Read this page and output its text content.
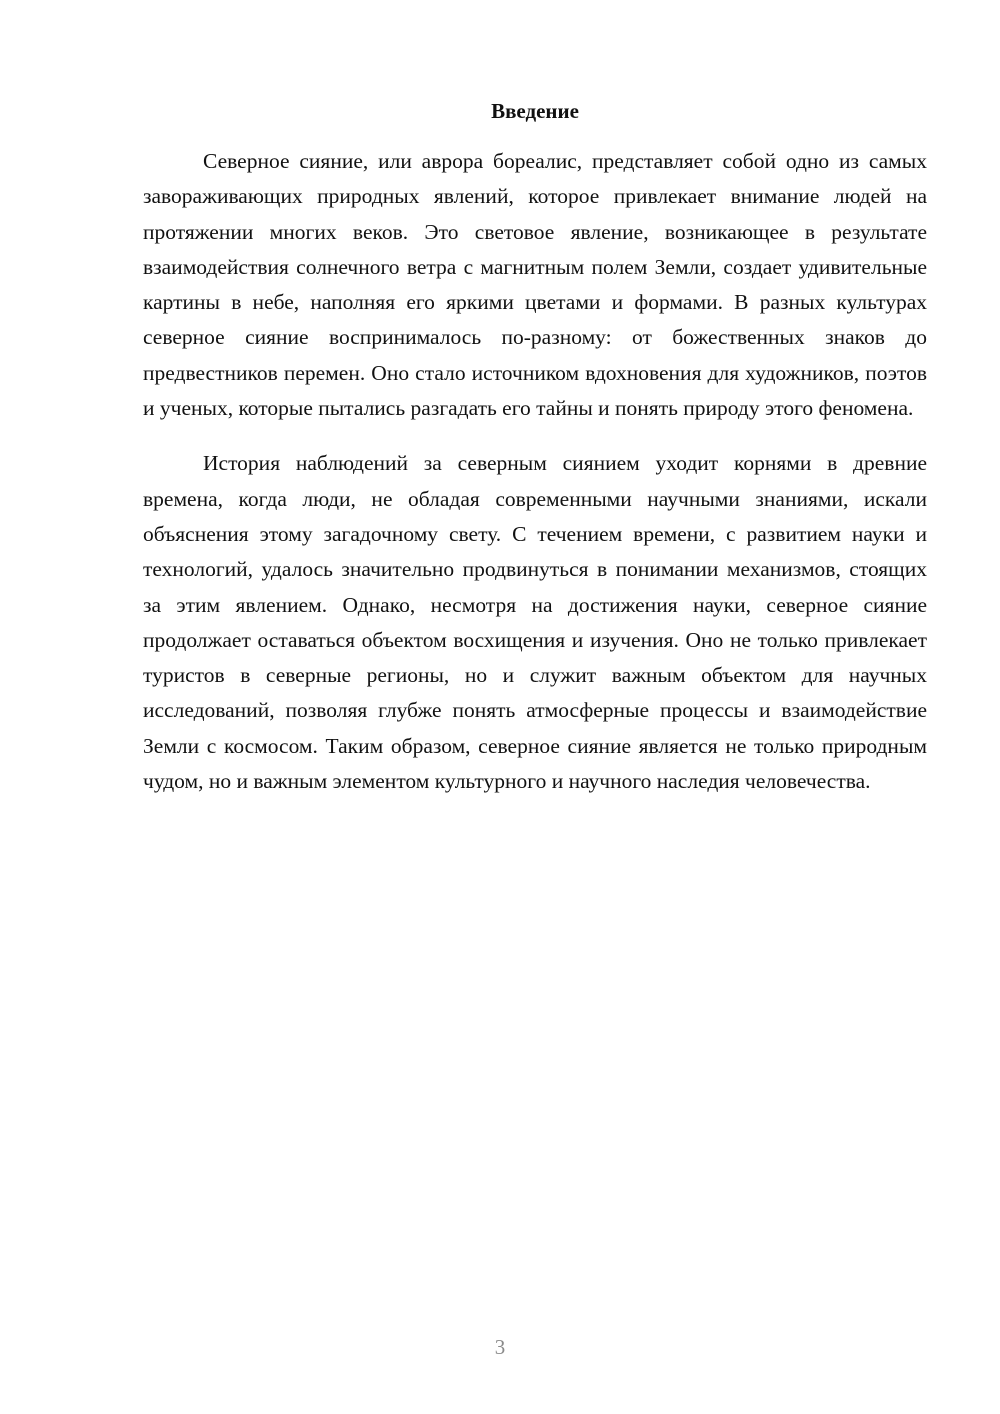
Введение

Северное сияние, или аврора бореалис, представляет собой одно из самых завораживающих природных явлений, которое привлекает внимание людей на протяжении многих веков. Это световое явление, возникающее в результате взаимодействия солнечного ветра с магнитным полем Земли, создает удивительные картины в небе, наполняя его яркими цветами и формами. В разных культурах северное сияние воспринималось по-разному: от божественных знаков до предвестников перемен. Оно стало источником вдохновения для художников, поэтов и ученых, которые пытались разгадать его тайны и понять природу этого феномена.

История наблюдений за северным сиянием уходит корнями в древние времена, когда люди, не обладая современными научными знаниями, искали объяснения этому загадочному свету. С течением времени, с развитием науки и технологий, удалось значительно продвинуться в понимании механизмов, стоящих за этим явлением. Однако, несмотря на достижения науки, северное сияние продолжает оставаться объектом восхищения и изучения. Оно не только привлекает туристов в северные регионы, но и служит важным объектом для научных исследований, позволяя глубже понять атмосферные процессы и взаимодействие Земли с космосом. Таким образом, северное сияние является не только природным чудом, но и важным элементом культурного и научного наследия человечества.

3
